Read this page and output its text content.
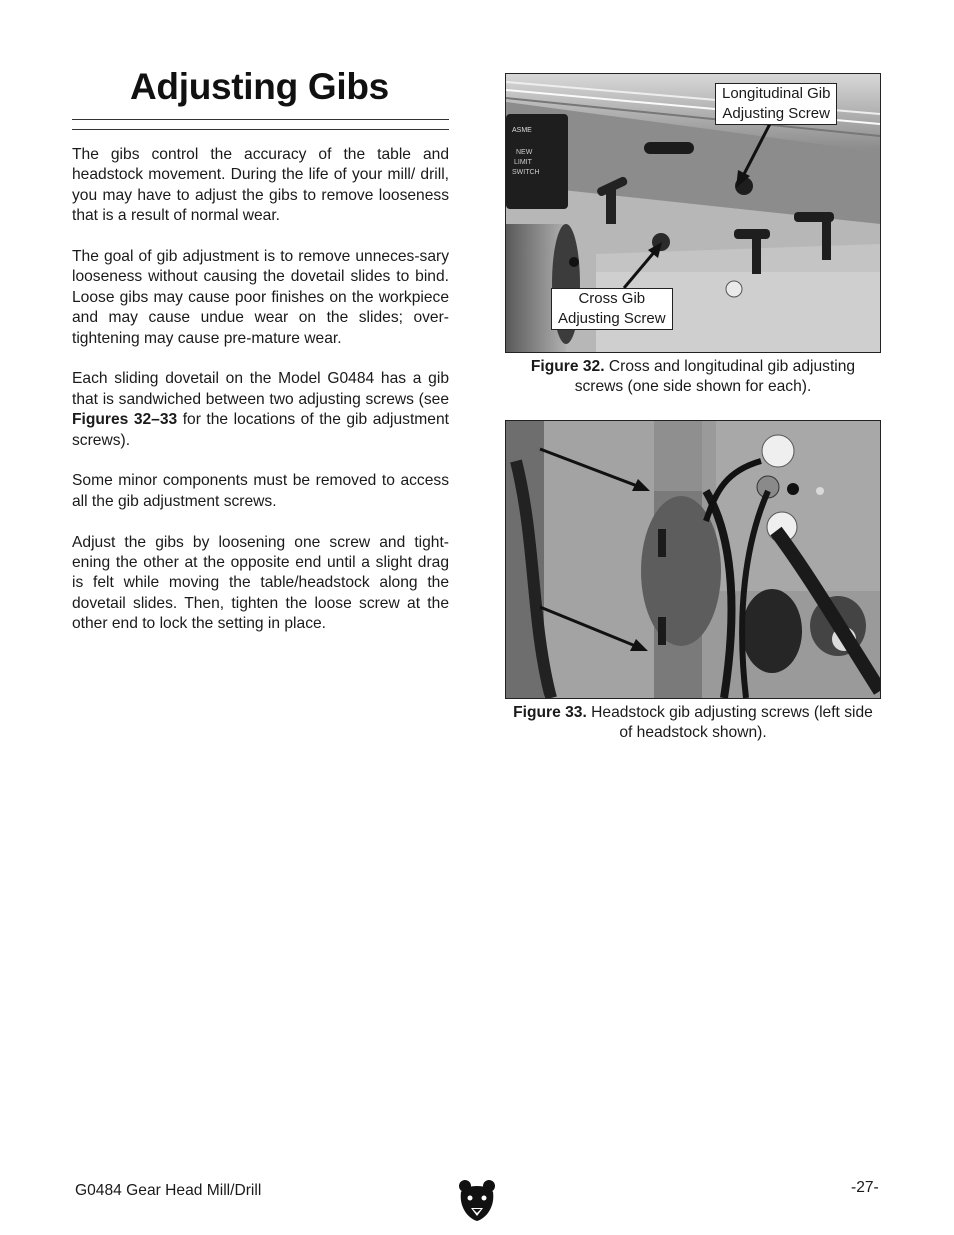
Adjusting Gibs

The gibs control the accuracy of the table and headstock movement. During the life of your mill/ drill, you may have to adjust the gibs to remove looseness that is a result of normal wear.

The goal of gib adjustment is to remove unneces-sary looseness without causing the dovetail slides to bind. Loose gibs may cause poor finishes on the workpiece and may cause undue wear on the slides; over-tightening may cause pre-mature wear.

Each sliding dovetail on the Model G0484 has a gib that is sandwiched between two adjusting screws (see Figures 32–33 for the locations of the gib adjustment screws).

Some minor components must be removed to access all the gib adjustment screws.

Adjust the gibs by loosening one screw and tight-ening the other at the opposite end until a slight drag is felt while moving the table/headstock along the dovetail slides. Then, tighten the loose screw at the other end to lock the setting in place.

ASME
NEW
LIMIT
SWITCH
Longitudinal Gib
Adjusting Screw
Cross Gib
Adjusting Screw
Figure 32. Cross and longitudinal gib adjusting screws (one side shown for each).
Figure 33. Headstock gib adjusting screws (left side of headstock shown).
G0484 Gear Head Mill/Drill	-27-
